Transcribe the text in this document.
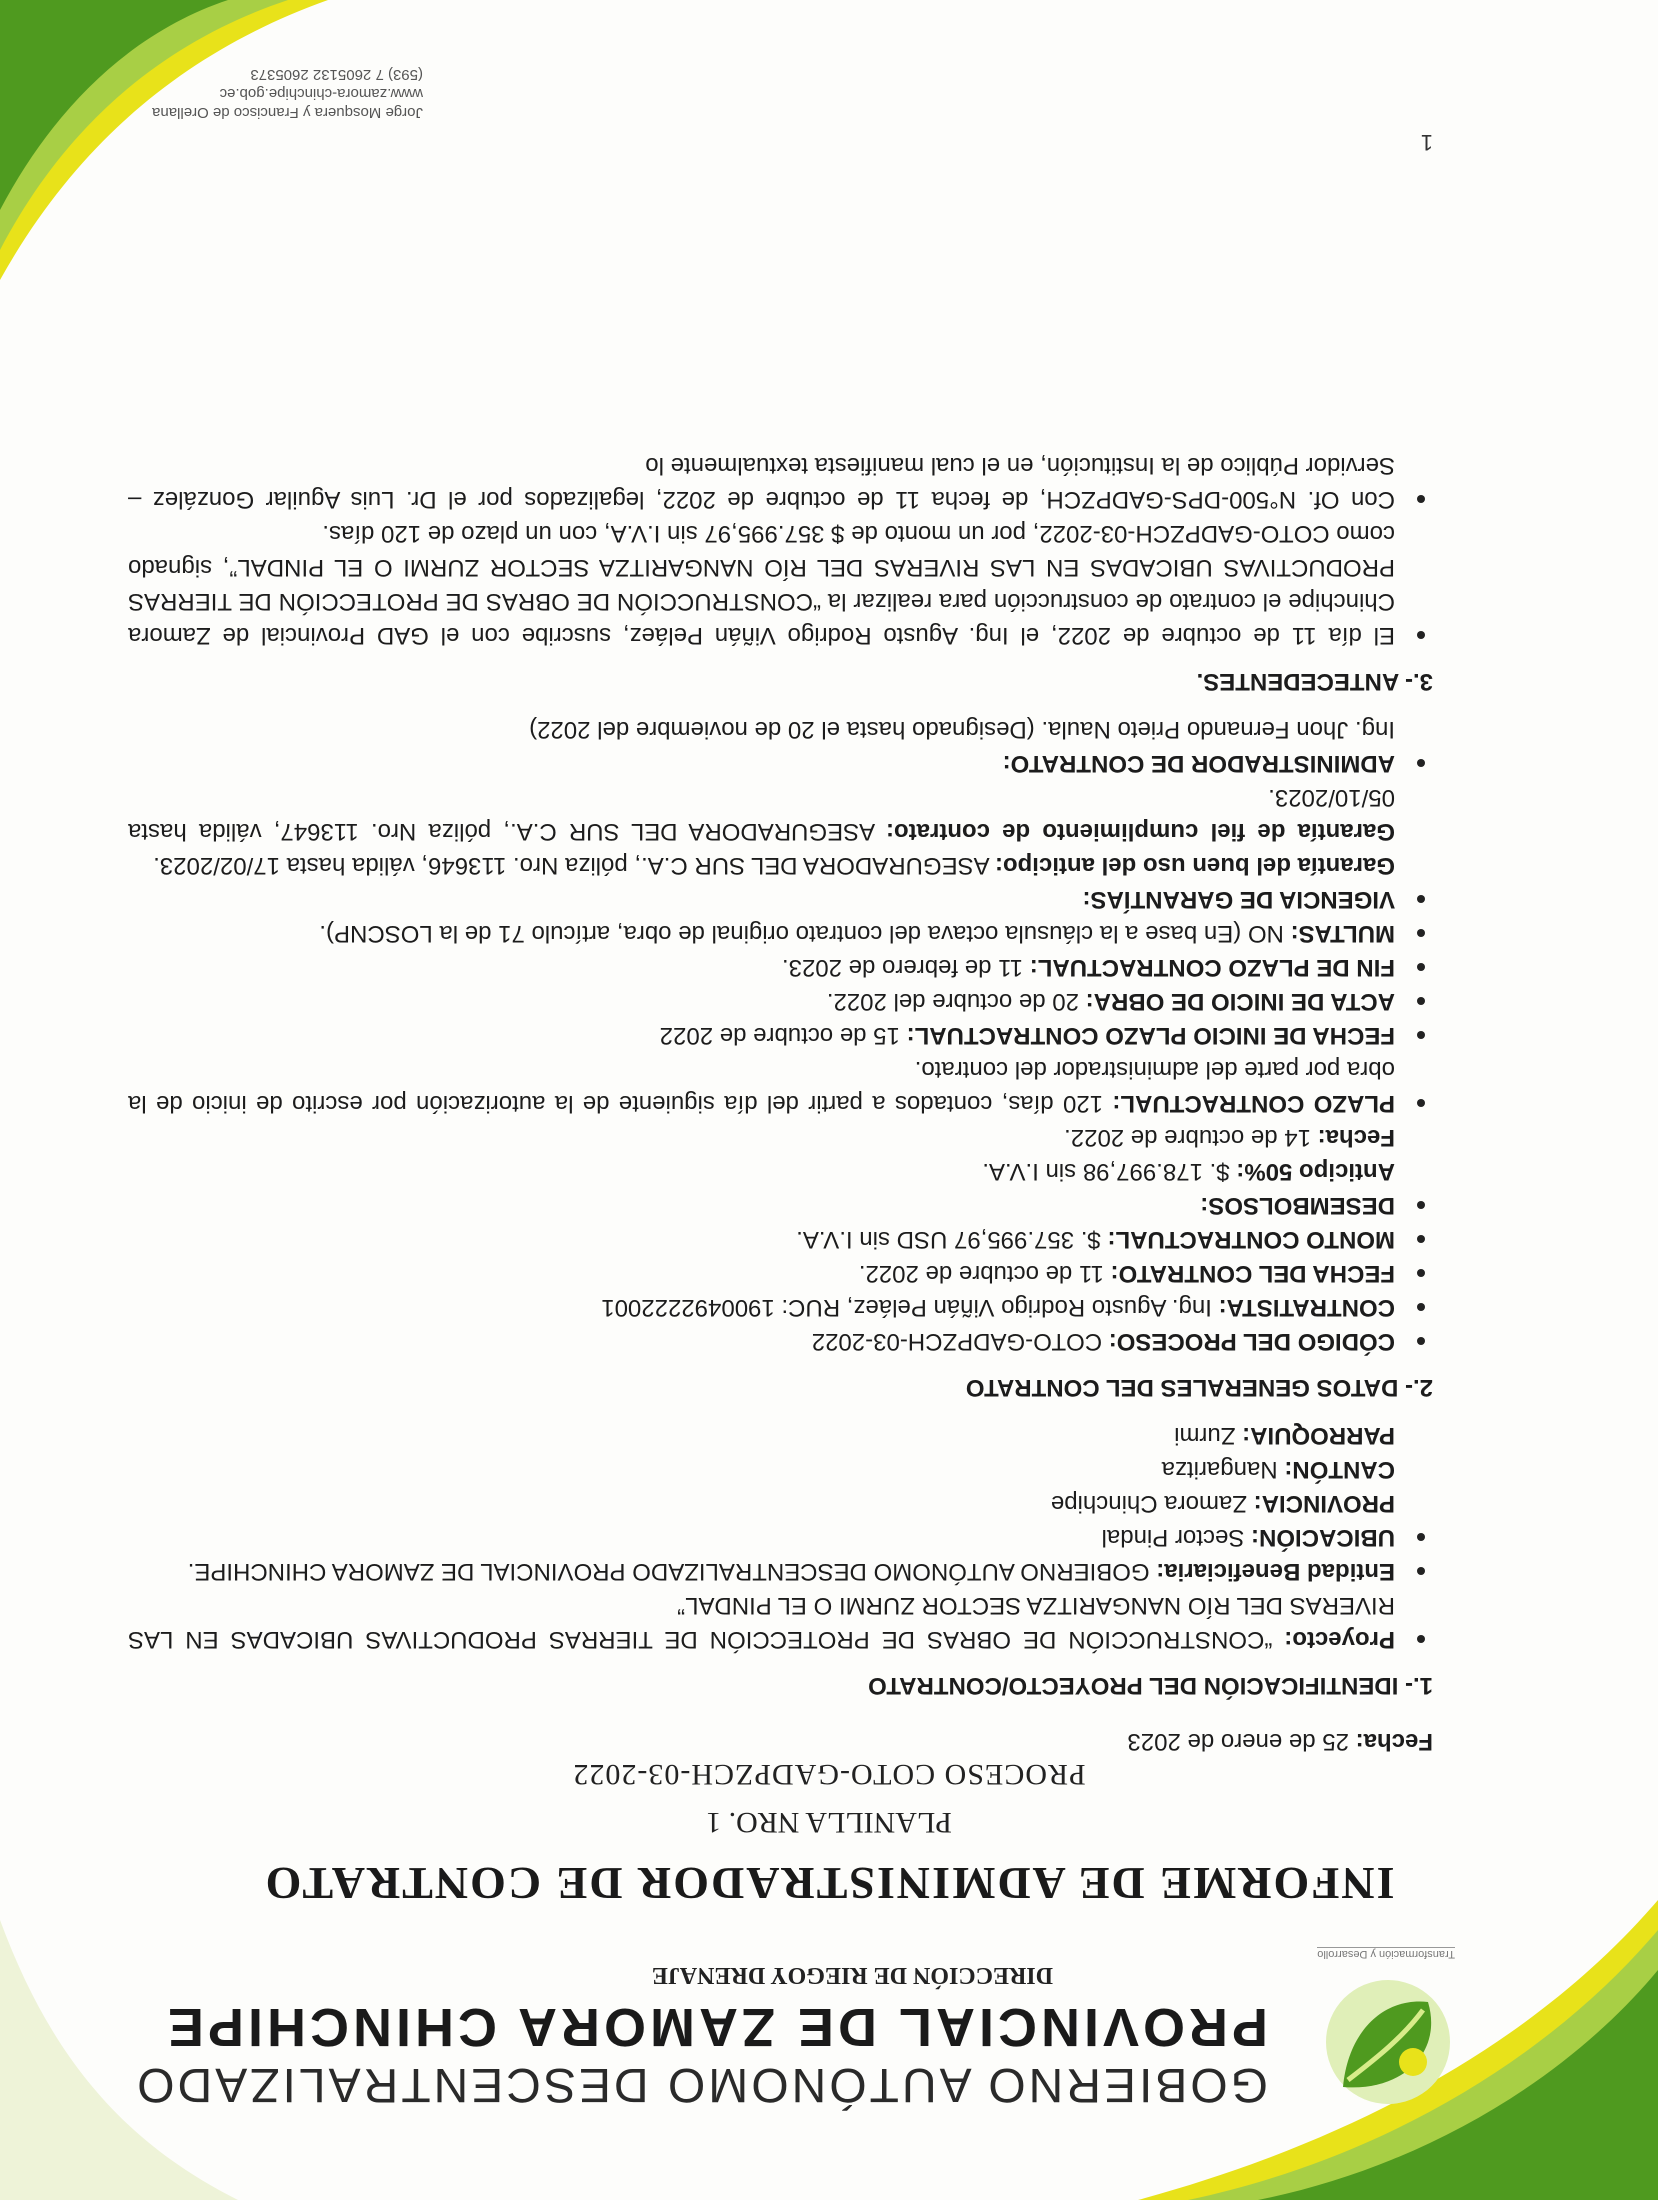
Transformación y Desarrollo
GOBIERNO AUTÓNOMO DESCENTRALIZADO
PROVINCIAL DE ZAMORA CHINCHIPE
DIRECCIÓN DE RIEGOY DRENAJE
INFORME DE ADMINISTRADOR DE CONTRATO
PLANILLA NRO. 1
PROCESO COTO-GADPZCH-03-2022

Fecha: 25 de enero de 2023

1.- IDENTIFICACIÓN DEL PROYECTO/CONTRATO

Proyecto: “CONSTRUCCIÓN DE OBRAS DE PROTECCIÓN DE TIERRAS PRODUCTIVAS UBICADAS EN LAS RIVERAS DEL RÍO NANGARITZA SECTOR ZURMI O EL PINDAL”
Entidad Beneficiaria: GOBIERNO AUTÓNOMO DESCENTRALIZADO PROVINCIAL DE ZAMORA CHINCHIPE.
UBICACIÓN: Sector Pindal
PROVINCIA: Zamora Chinchipe
CANTÓN: Nangaritza
PARROQUIA: Zurmi

2.- DATOS GENERALES DEL CONTRATO

CÓDIGO DEL PROCESO: COTO-GADPZCH-03-2022
CONTRATISTA: Ing. Agusto Rodrigo Viñán Peláez, RUC: 1900492222001
FECHA DEL CONTRATO: 11 de octubre de 2022.
MONTO CONTRACTUAL: $. 357.995,97 USD sin I.V.A.
DESEMBOLSOS:
Anticipo 50%: $. 178.997,98 sin I.V.A.
Fecha: 14 de octubre de 2022.
PLAZO CONTRACTUAL: 120 días, contados a partir del día siguiente de la autorización por escrito de inicio de la obra por parte del administrador del contrato.
FECHA DE INICIO PLAZO CONTRACTUAL: 15 de octubre de 2022
ACTA DE INICIO DE OBRA: 20 de octubre del 2022.
FIN DE PLAZO CONTRACTUAL: 11 de febrero de 2023.
MULTAS: NO (En base a la cláusula octava del contrato original de obra, artículo 71 de la LOSCNP).
VIGENCIA DE GARANTÍAS:
Garantía del buen uso del anticipo: ASEGURADORA DEL SUR C.A., póliza Nro. 113646, válida hasta 17/02/2023.
Garantía de fiel cumplimiento de contrato: ASEGURADORA DEL SUR C.A., póliza Nro. 113647, válida hasta 05/10/2023.
ADMINISTRADOR DE CONTRATO:
Ing. Jhon Fernando Prieto Naula. (Designado hasta el 20 de noviembre del 2022)

3.- ANTECEDENTES.

El día 11 de octubre de 2022, el Ing. Agusto Rodrigo Viñán Peláez, suscribe con el GAD Provincial de Zamora Chinchipe el contrato de construcción para realizar la “CONSTRUCCIÓN DE OBRAS DE PROTECCIÓN DE TIERRAS PRODUCTIVAS UBICADAS EN LAS RIVERAS DEL RÍO NANGARITZA SECTOR ZURMI O EL PINDAL”, signado como COTO-GADPZCH-03-2022, por un monto de $ 357.995,97 sin I.V.A, con un plazo de 120 días.
Con Of. N°500-DPS-GADPZCH, de fecha 11 de octubre de 2022, legalizados por el Dr. Luis Aguilar González – Servidor Público de la Institución, en el cual manifiesta textualmente lo
1
Jorge Mosquera y Francisco de Orellana
www.zamora-chinchipe.gob.ec
(593) 7 2605132 2605373
